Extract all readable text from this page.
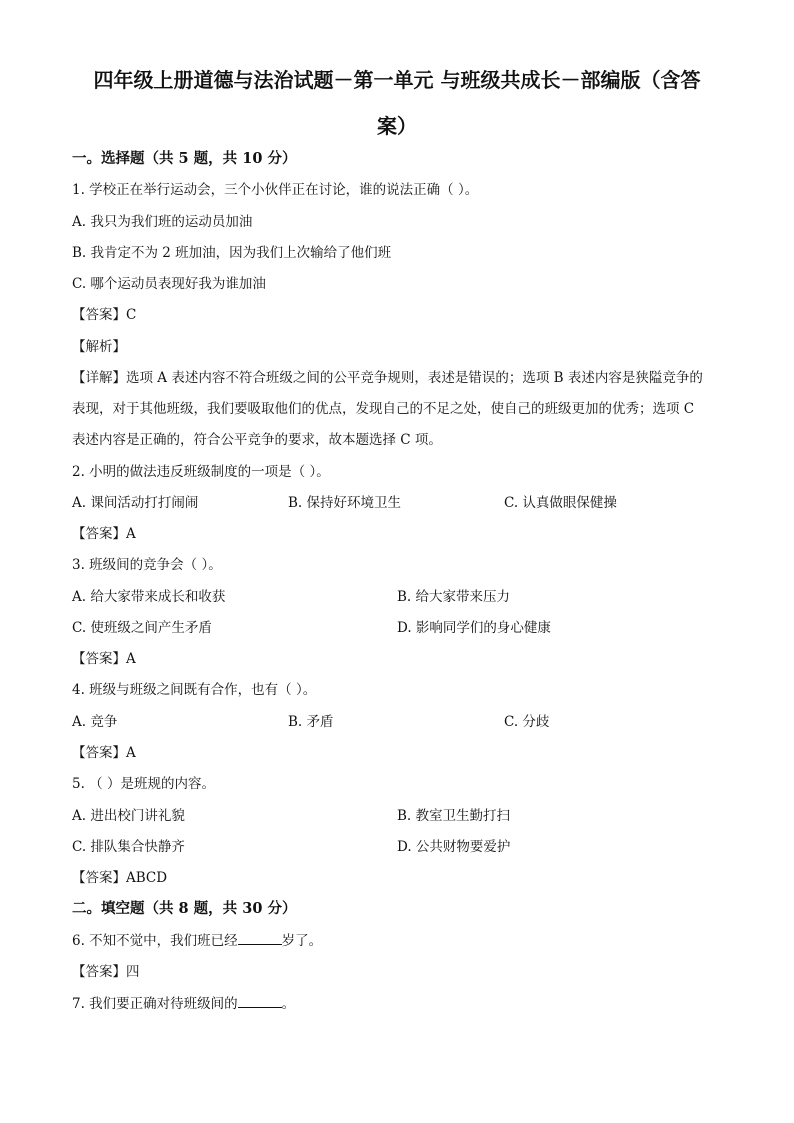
四年级上册道德与法治试题－第一单元 与班级共成长－部编版（含答
案）
一。选择题（共 5 题，共 10 分）
1. 学校正在举行运动会，三个小伙伴正在讨论，谁的说法正确（ ）。
A. 我只为我们班的运动员加油
B. 我肯定不为 2 班加油，因为我们上次输给了他们班
C. 哪个运动员表现好我为谁加油
【答案】C
【解析】
【详解】选项 A 表述内容不符合班级之间的公平竞争规则，表述是错误的；选项 B 表述内容是狭隘竞争的
表现，对于其他班级，我们要吸取他们的优点，发现自己的不足之处，使自己的班级更加的优秀；选项 C
表述内容是正确的，符合公平竞争的要求，故本题选择 C 项。
2. 小明的做法违反班级制度的一项是（ ）。
A. 课间活动打打闹闹	B. 保持好环境卫生	C. 认真做眼保健操
【答案】A
3. 班级间的竞争会（ ）。
A. 给大家带来成长和收获	B. 给大家带来压力
C. 使班级之间产生矛盾	D. 影响同学们的身心健康
【答案】A
4. 班级与班级之间既有合作，也有（ ）。
A. 竞争	B. 矛盾	C. 分歧
【答案】A
5. （ ）是班规的内容。
A. 进出校门讲礼貌	B. 教室卫生勤打扫
C. 排队集合快静齐	D. 公共财物要爱护
【答案】ABCD
二。填空题（共 8 题，共 30 分）
6. 不知不觉中，我们班已经	岁了。
【答案】四
7. 我们要正确对待班级间的	。
